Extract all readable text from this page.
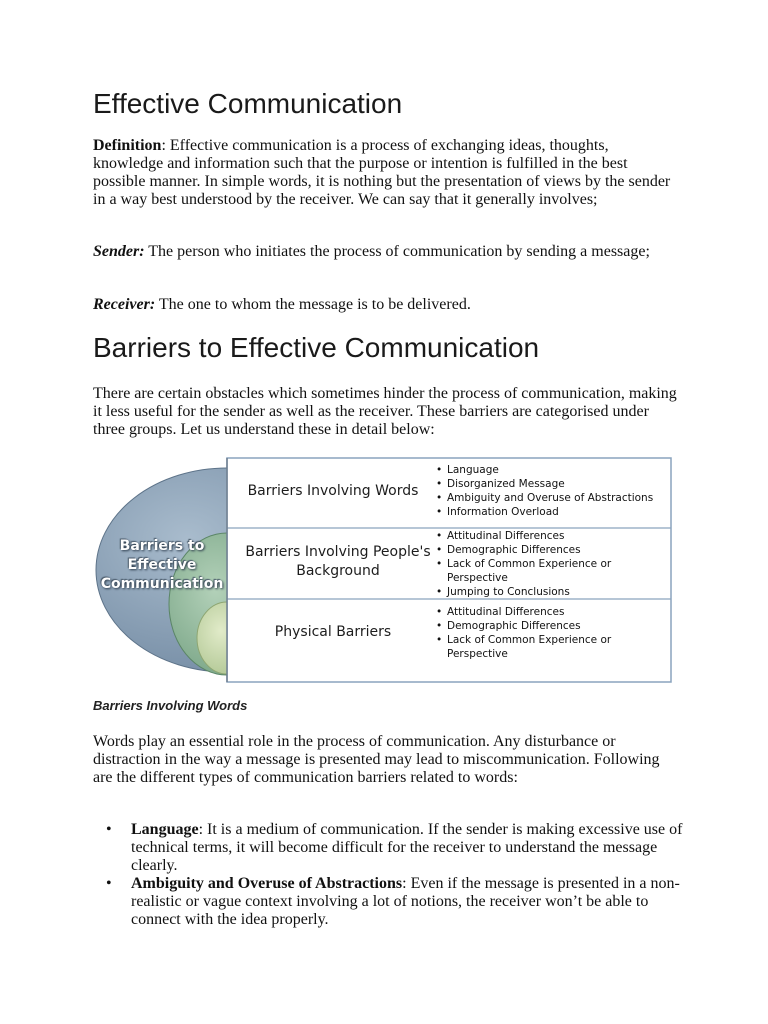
Effective Communication

Definition: Effective communication is a process of exchanging ideas, thoughts, knowledge and information such that the purpose or intention is fulfilled in the best possible manner. In simple words, it is nothing but the presentation of views by the sender in a way best understood by the receiver. We can say that it generally involves;

Sender: The person who initiates the process of communication by sending a message;

Receiver: The one to whom the message is to be delivered.

Barriers to Effective Communication

There are certain obstacles which sometimes hinder the process of communication, making it less useful for the sender as well as the receiver. These barriers are categorised under three groups. Let us understand these in detail below:

Barriers to
Effective
Communication
Barriers Involving Words
• Language
• Disorganized Message
• Ambiguity and Overuse of Abstractions
• Information Overload
Barriers Involving People's
Background
• Attitudinal Differences
• Demographic Differences
• Lack of Common Experience or Perspective
• Jumping to Conclusions
Physical Barriers
• Attitudinal Differences
• Demographic Differences
• Lack of Common Experience or Perspective

Barriers Involving Words

Words play an essential role in the process of communication. Any disturbance or distraction in the way a message is presented may lead to miscommunication. Following are the different types of communication barriers related to words:

• Language: It is a medium of communication. If the sender is making excessive use of technical terms, it will become difficult for the receiver to understand the message clearly.
• Ambiguity and Overuse of Abstractions: Even if the message is presented in a non-realistic or vague context involving a lot of notions, the receiver won’t be able to connect with the idea properly.
